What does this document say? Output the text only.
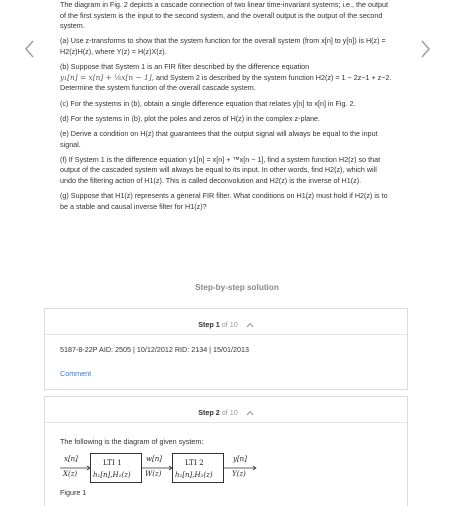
The diagram in Fig. 2 depicts a cascade connection of two linear time-invariant systems; i.e., the output of the first system is the input to the second system, and the overall output is the output of the second system.

(a) Use z-transforms to show that the system function for the overall system (from x[n] to y[n]) is H(z) = H2(z)H(z), where Y(z) = H(z)X(z).

(b) Suppose that System 1 is an FIR filter described by the difference equation
y₁[n] = x[n] + ⅙x[n − 1], and System 2 is described by the system function H2(z) = 1 − 2z−1 + z−2. Determine the system function of the overall cascade system.

(c) For the systems in (b), obtain a single difference equation that relates y[n] to x[n] in Fig. 2.

(d) For the systems in (b), plot the poles and zeros of H(z) in the complex z-plane.

(e) Derive a condition on H(z) that guarantees that the output signal will always be equal to the input signal.

(f) If System 1 is the difference equation y1[n] = x[n] + ™x[n − 1], find a system function H2(z) so that output of the cascaded system will always be equal to its input. In other words, find H2(z), which will undo the filtering action of H1(z). This is called deconvolution and H2(z) is the inverse of H1(z).

(g) Suppose that H1(z) represents a general FIR filter. What conditions on H1(z) must hold if H2(z) is to be a stable and causal inverse filter for H1(z)?

Step-by-step solution
Step 1 of 10
5187-8-22P AID: 2505 | 10/12/2012 RID: 2134 | 15/01/2013
Comment
Step 2 of 10
The following is the diagram of given system:
x[n]
X(z)
LTI 1
h₁[n],H₁(z)
w[n]
W(z)
LTI 2
h₂[n],H₂(z)
y[n]
Y(z)
Figure 1
